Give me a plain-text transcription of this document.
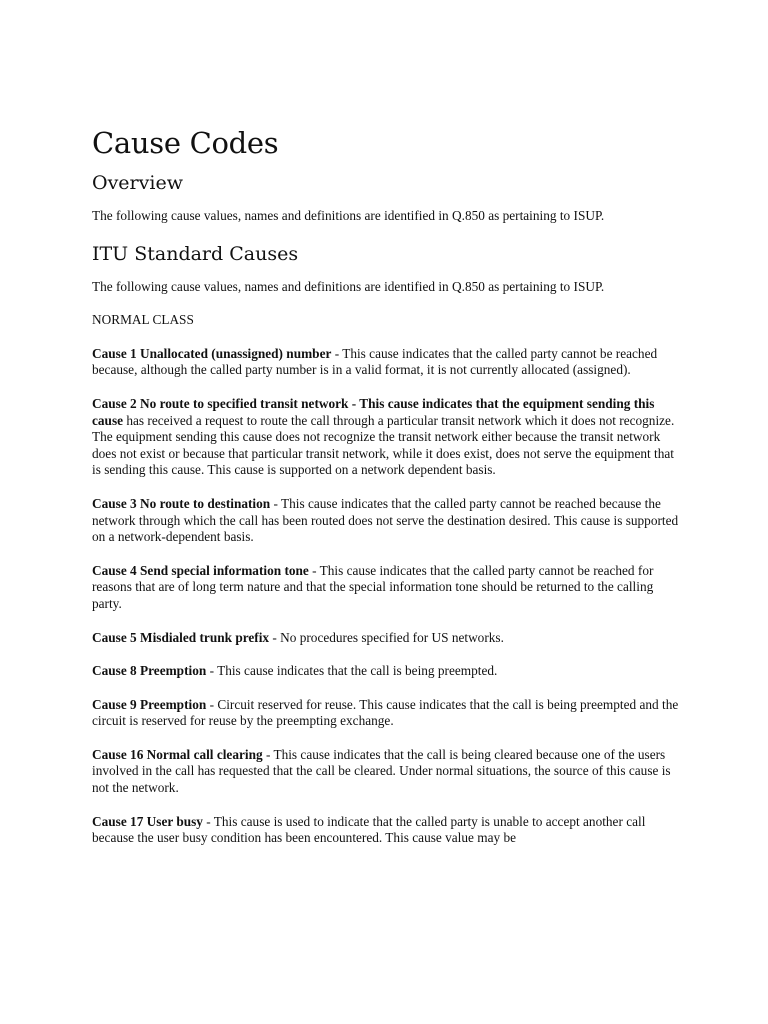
Cause Codes
Overview

The following cause values, names and definitions are identified in Q.850 as pertaining to ISUP.

ITU Standard Causes

The following cause values, names and definitions are identified in Q.850 as pertaining to ISUP.

NORMAL CLASS

Cause 1 Unallocated (unassigned) number - This cause indicates that the called party cannot be reached because, although the called party number is in a valid format, it is not currently allocated (assigned).

Cause 2 No route to specified transit network - This cause indicates that the equipment sending this cause has received a request to route the call through a particular transit network which it does not recognize. The equipment sending this cause does not recognize the transit network either because the transit network does not exist or because that particular transit network, while it does exist, does not serve the equipment that is sending this cause. This cause is supported on a network dependent basis.

Cause 3 No route to destination - This cause indicates that the called party cannot be reached because the network through which the call has been routed does not serve the destination desired. This cause is supported on a network-dependent basis.

Cause 4 Send special information tone - This cause indicates that the called party cannot be reached for reasons that are of long term nature and that the special information tone should be returned to the calling party.

Cause 5 Misdialed trunk prefix - No procedures specified for US networks.

Cause 8 Preemption - This cause indicates that the call is being preempted.

Cause 9 Preemption - Circuit reserved for reuse. This cause indicates that the call is being preempted and the circuit is reserved for reuse by the preempting exchange.

Cause 16 Normal call clearing - This cause indicates that the call is being cleared because one of the users involved in the call has requested that the call be cleared. Under normal situations, the source of this cause is not the network.

Cause 17 User busy - This cause is used to indicate that the called party is unable to accept another call because the user busy condition has been encountered. This cause value may be
